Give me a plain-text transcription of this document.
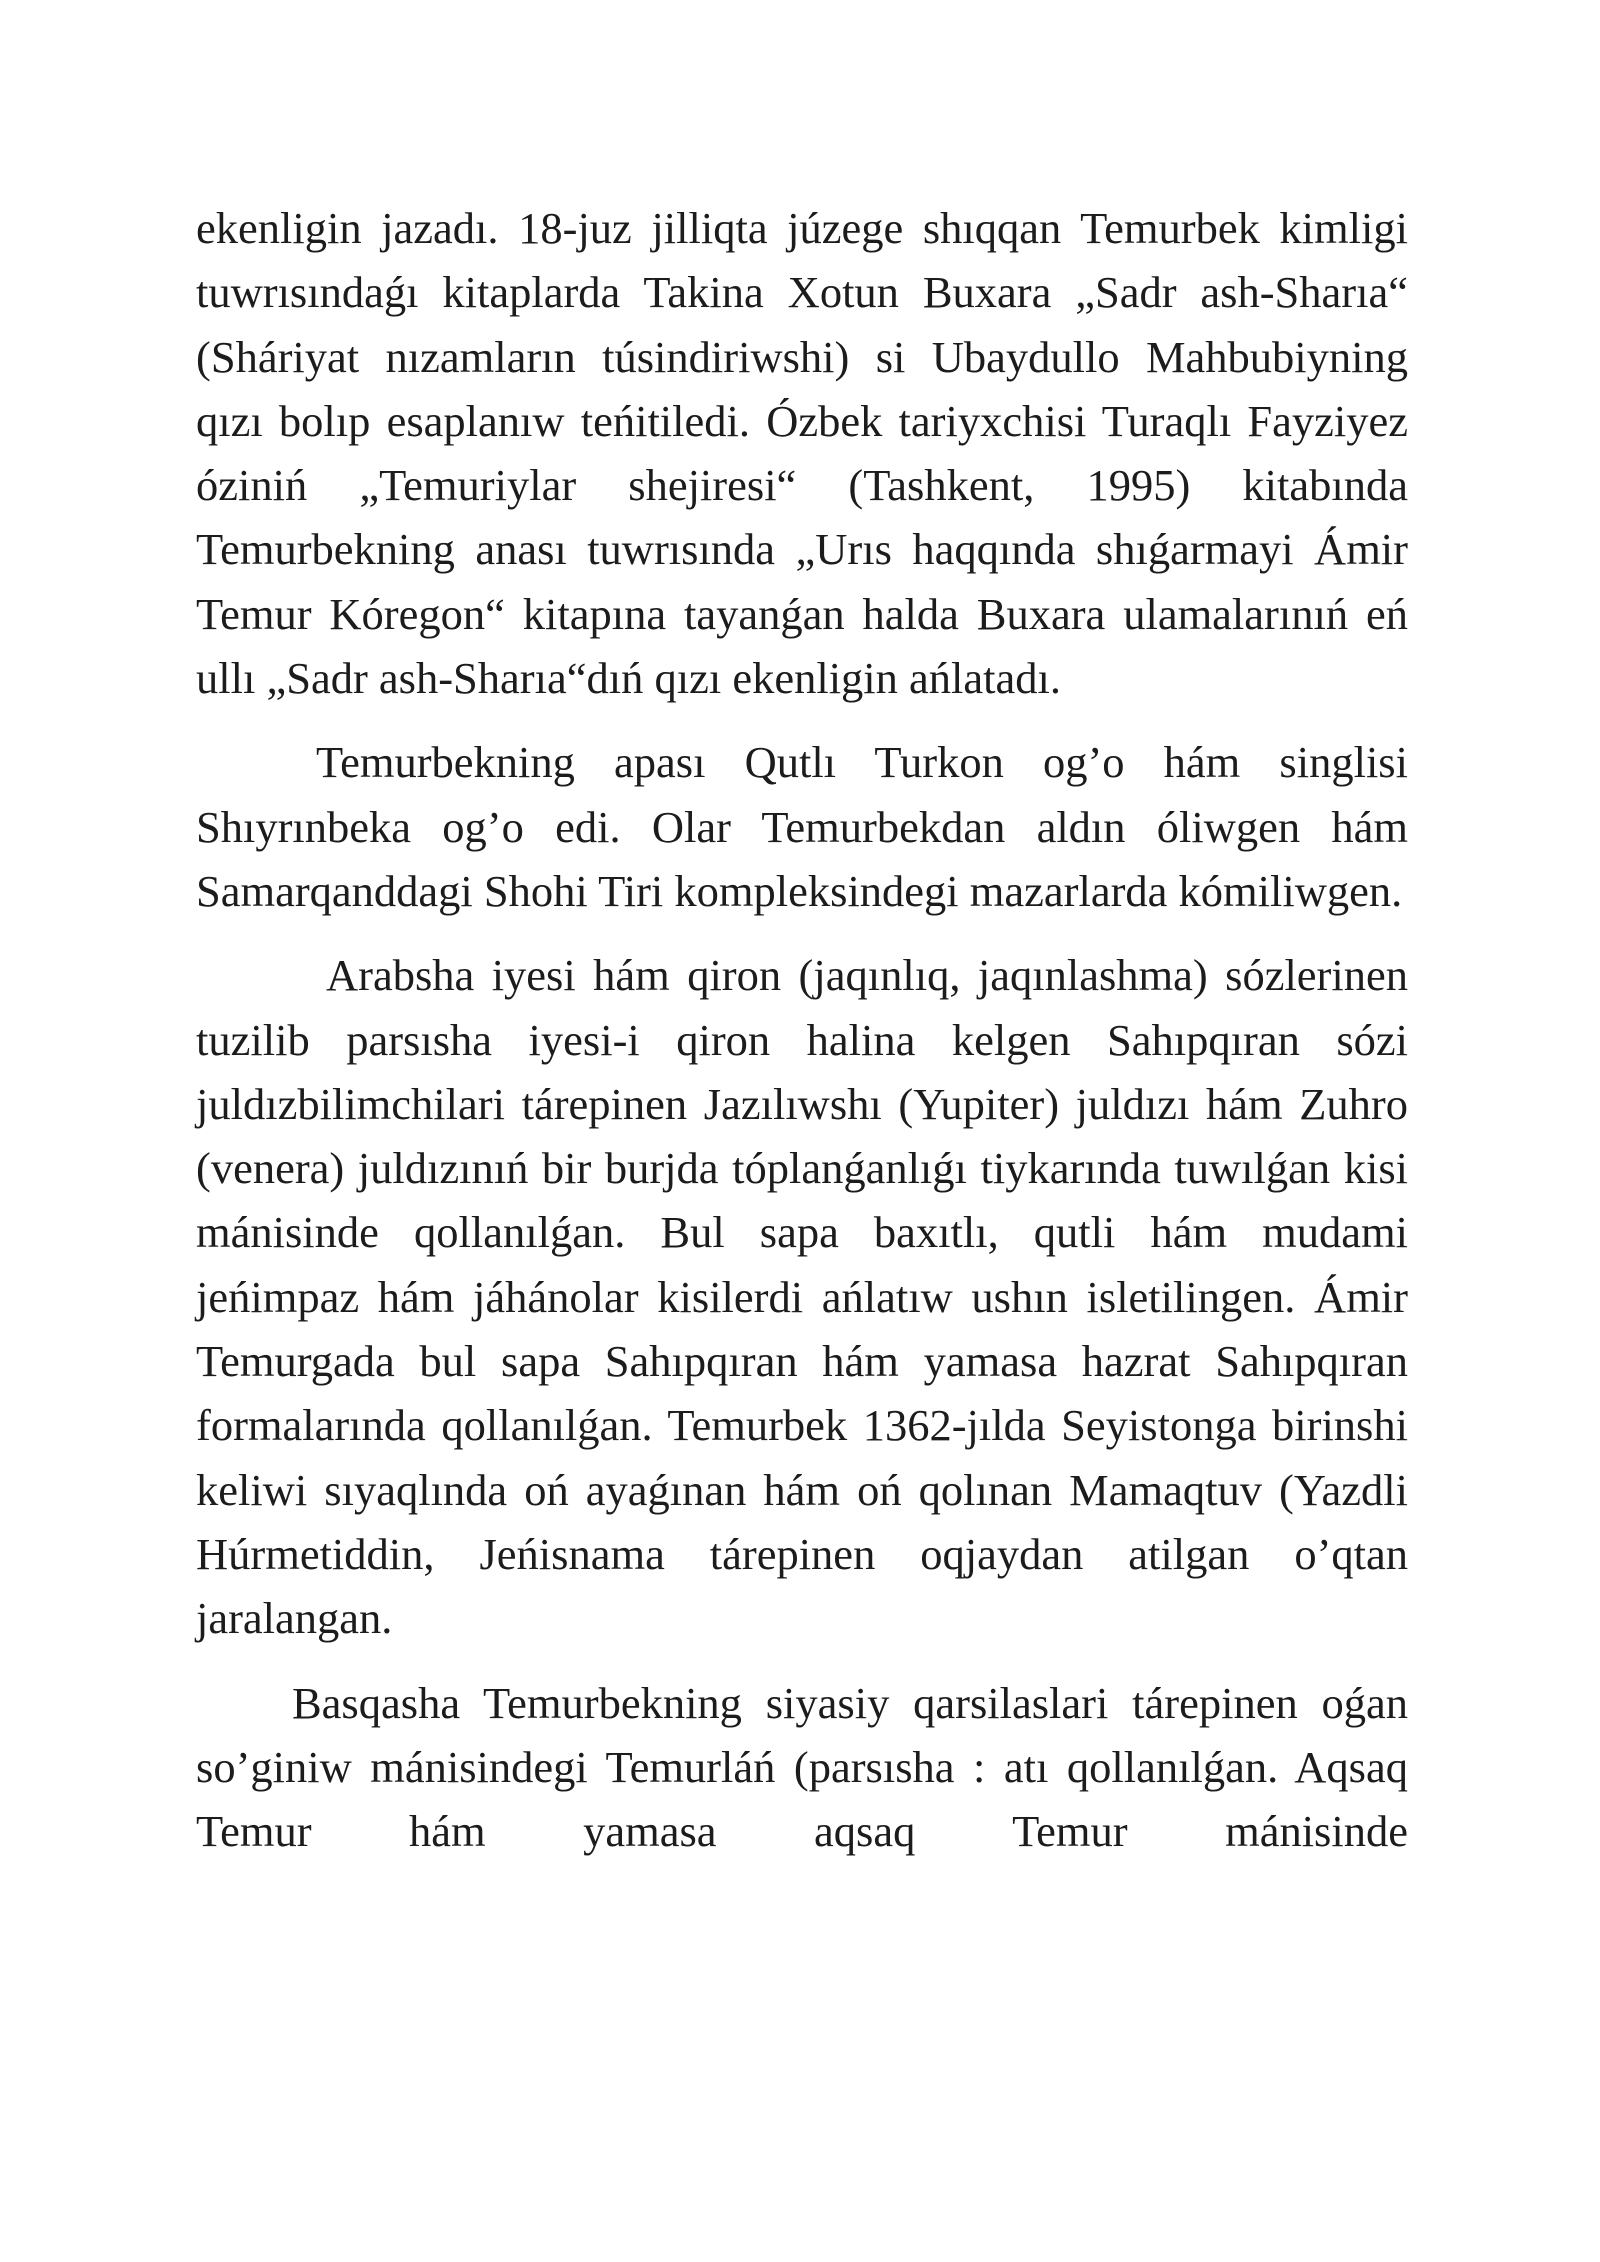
ekenligin jazadı. 18-juz jilliqta júzege shıqqan Temurbek kimligi tuwrısındaǵı kitaplarda Takina Xotun Buxara „Sadr ash-Sharıa“ (Sháriyat nızamların túsindiriwshi) si Ubaydullo Mahbubiyning qızı bolıp esaplanıw teńitiledi. Ózbek tariyxchisi Turaqlı Fayziyez óziniń „Temuriylar shejiresi“ (Tashkent, 1995) kitabında Temurbekning anası tuwrısında „Urıs haqqında shıǵarmayi Ámir Temur Kóregon“ kitapına tayanǵan halda Buxara ulamalarınıń eń ullı „Sadr ash-Sharıa“dıń qızı ekenligin ańlatadı.

Temurbekning apası Qutlı Turkon og’o hám singlisi Shıyrınbeka og’o edi. Olar Temurbekdan aldın óliwgen hám Samarqanddagi Shohi Tiri kompleksindegi mazarlarda kómiliwgen.

Arabsha iyesi hám qiron (jaqınlıq, jaqınlashma) sózlerinen tuzilib parsısha iyesi-i qiron halina kelgen Sahıpqıran sózi juldızbilimchilari tárepinen Jazılıwshı (Yupiter) juldızı hám Zuhro (venera) juldızınıń bir burjda tóplanǵanlıǵı tiykarında tuwılǵan kisi mánisinde qollanılǵan. Bul sapa baxıtlı, qutli hám mudami jeńimpaz hám jáhánolar kisilerdi ańlatıw ushın isletilingen. Ámir Temurgada bul sapa Sahıpqıran hám yamasa hazrat Sahıpqıran formalarında qollanılǵan. Temurbek 1362-jılda Seyistonga birinshi keliwi sıyaqlında oń ayaǵınan hám oń qolınan Mamaqtuv (Yazdli Húrmetiddin, Jeńisnama tárepinen oqjaydan atilgan o’qtan jaralangan.

Basqasha Temurbekning siyasiy qarsilaslari tárepinen oǵan so’giniw mánisindegi Temurláń (parsısha : atı qollanılǵan. Aqsaq Temur hám yamasa aqsaq Temur mánisinde
